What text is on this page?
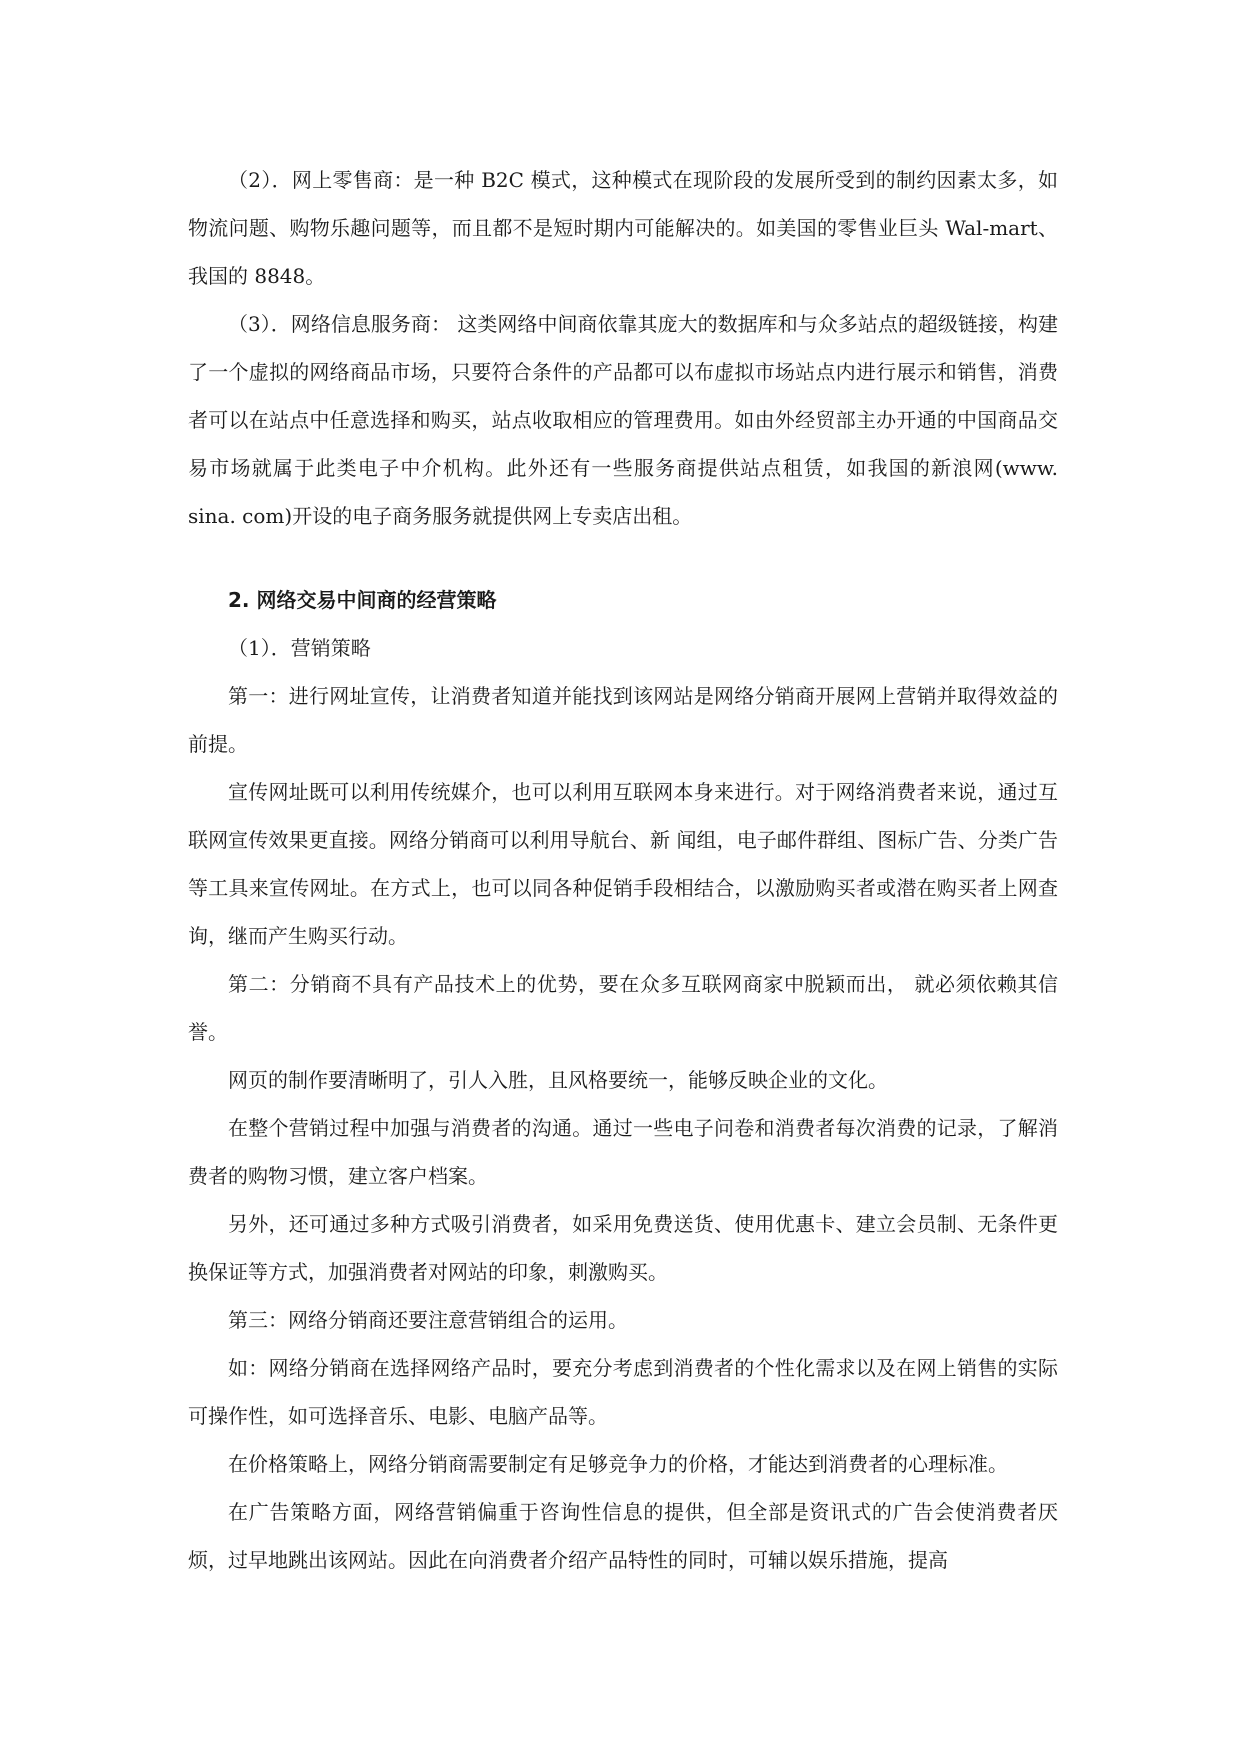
（2）．网上零售商：是一种 B2C 模式，这种模式在现阶段的发展所受到的制约因素太多，如物流问题、购物乐趣问题等，而且都不是短时期内可能解决的。如美国的零售业巨头 Wal-mart、我国的 8848。

（3）．网络信息服务商： 这类网络中间商依靠其庞大的数据库和与众多站点的超级链接，构建了一个虚拟的网络商品市场，只要符合条件的产品都可以布虚拟市场站点内进行展示和销售，消费者可以在站点中任意选择和购买，站点收取相应的管理费用。如由外经贸部主办开通的中国商品交易市场就属于此类电子中介机构。此外还有一些服务商提供站点租赁，如我国的新浪网(www. sina. com)开设的电子商务服务就提供网上专卖店出租。

2. 网络交易中间商的经营策略

（1）．营销策略

第一：进行网址宣传，让消费者知道并能找到该网站是网络分销商开展网上营销并取得效益的前提。

宣传网址既可以利用传统媒介，也可以利用互联网本身来进行。对于网络消费者来说，通过互联网宣传效果更直接。网络分销商可以利用导航台、新 闻组，电子邮件群组、图标广告、分类广告等工具来宣传网址。在方式上，也可以同各种促销手段相结合，以激励购买者或潜在购买者上网查询，继而产生购买行动。

第二：分销商不具有产品技术上的优势，要在众多互联网商家中脱颖而出， 就必须依赖其信誉。

网页的制作要清晰明了，引人入胜，且风格要统一，能够反映企业的文化。

在整个营销过程中加强与消费者的沟通。通过一些电子问卷和消费者每次消费的记录，了解消费者的购物习惯，建立客户档案。

另外，还可通过多种方式吸引消费者，如采用免费送货、使用优惠卡、建立会员制、无条件更换保证等方式，加强消费者对网站的印象，刺激购买。

第三：网络分销商还要注意营销组合的运用。

如：网络分销商在选择网络产品时，要充分考虑到消费者的个性化需求以及在网上销售的实际可操作性，如可选择音乐、电影、电脑产品等。

在价格策略上，网络分销商需要制定有足够竞争力的价格，才能达到消费者的心理标准。

在广告策略方面，网络营销偏重于咨询性信息的提供，但全部是资讯式的广告会使消费者厌烦，过早地跳出该网站。因此在向消费者介绍产品特性的同时，可辅以娱乐措施，提高
